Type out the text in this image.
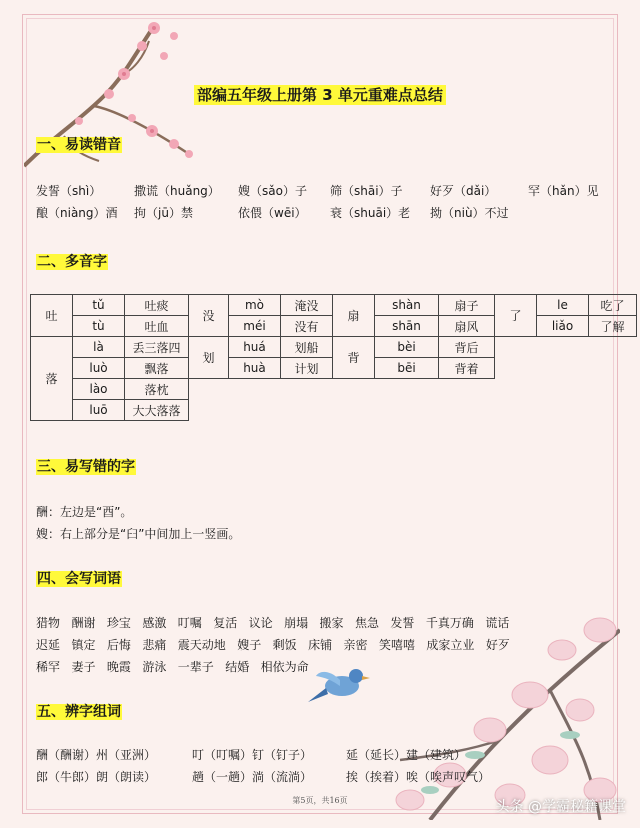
部编五年级上册第 3 单元重难点总结
一、易读错音
发誓（shì）	撒谎（huǎng） 嫂（sǎo）子 筛（shāi）子 好歹（dǎi）	罕（hǎn）见
酿（niàng）酒 拘（jū）禁	依偎（wēi） 衰（shuāi）老 拗（niù）不过
二、多音字
吐	tǔ	吐痰	没	mò	淹没	扇	shàn	扇子	了	le	吃了
	tù	吐血		méi	没有		shān	扇风		liǎo	了解
落	là	丢三落四	划	huá	划船	背	bèi	背后			
	luò	飘落		huà	计划		bēi	背着			
	lào	落枕									
	luō	大大落落									
三、易写错的字
酬：左边是“酉”。
嫂：右上部分是“臼”中间加上一竖画。
四、会写词语
猎物   酬谢   珍宝   感激   叮嘱   复活   议论   崩塌   搬家   焦急   发誓   千真万确   谎话
迟延   镇定   后悔   悲痛   震天动地   嫂子   剩饭   床铺   亲密   笑嘻嘻   成家立业   好歹
稀罕   妻子   晚霞   游泳   一辈子   结婚   相依为命
五、辨字组词
酬（酬谢）州（亚洲）	叮（叮嘱）钉（钉子）	延（延长）建（建筑）
郎（牛郎）朗（朗读）	趟（一趟）淌（流淌）	挨（挨着）唉（唉声叹气）
第5页，共16页	头条 @学霸秘籍课堂
